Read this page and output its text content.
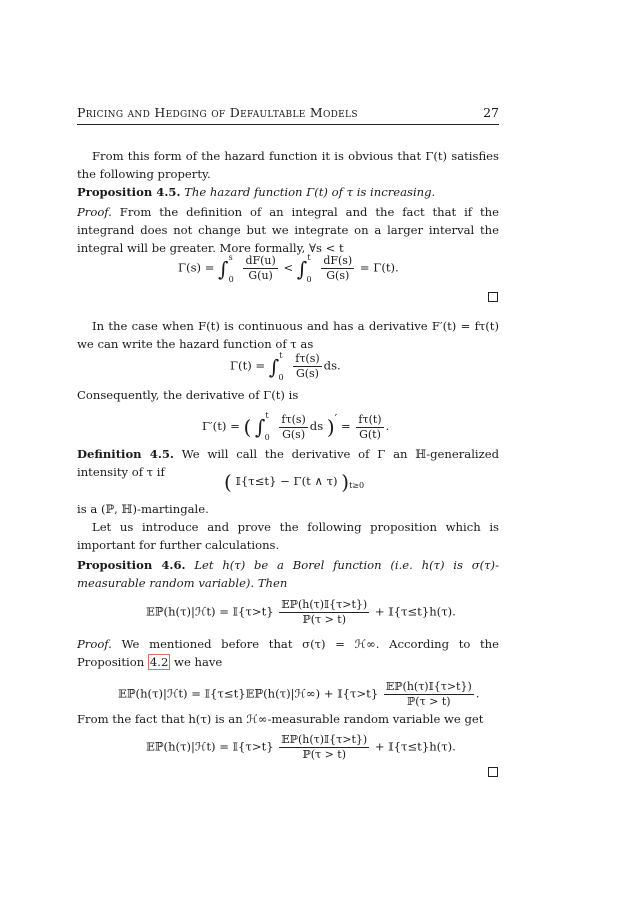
Pricing and Hedging of Defaultable Models	27
From this form of the hazard function it is obvious that Γ(t) satisfies the following property.
Proposition 4.5. The hazard function Γ(t) of τ is increasing.
Proof. From the definition of an integral and the fact that if the integrand does not change but we integrate on a larger interval the integral will be greater. More formally, ∀s < t
$\Gamma(s) = \int^s_0 \frac{dF(u)}{G(u)} < \int^t_0 \frac{dF(s)}{G(s)} = \Gamma(t)$.
In the case when F(t) is continuous and has a derivative F′(t) = fτ(t) we can write the hazard function of τ as
$\Gamma(t) = \int^t_0 \frac{f\tau(s)}{G(s)}$ ds.
Consequently, the derivative of Γ(t) is
Γ′(t) = ( $\int^t_0 \frac{f\tau(s)}{G(s)}$ ds )′ = $\frac{f\tau(t)}{G(t)}$ .
Definition 4.5. We will call the derivative of Γ an ℍ-generalized intensity of τ if	( 𝕀{τ≤t} − Γ(t ∧ τ) )$_{t\ge 0}$
is a (ℙ, ℍ)-martingale.
Let us introduce and prove the following proposition which is important for further calculations.
Proposition 4.6. Let h(τ) be a Borel function (i.e. h(τ) is σ(τ)-measurable random variable). Then
𝔼ℙ(h(τ)|ℋt) = 𝕀{τ>t} $\frac{\text{𝔼ℙ(h(τ)𝕀\{τ>t\})}}{\text{ℙ(τ > t)}}$ + 𝕀{τ≤t}h(τ).
Proof. We mentioned before that σ(τ) = ℋ∞. According to the Proposition 4.2 we have
𝔼ℙ(h(τ)|ℋt) = 𝕀{τ≤t}𝔼ℙ(h(τ)|ℋ∞) + 𝕀{τ>t} $\frac{\text{𝔼ℙ(h(τ)𝕀\{τ>t\})}}{\text{ℙ(τ > t)}}$ .
From the fact that h(τ) is an ℋ∞-measurable random variable we get
𝔼ℙ(h(τ)|ℋt) = 𝕀{τ>t} $\frac{\text{𝔼ℙ(h(τ)𝕀\{τ>t\})}}{\text{ℙ(τ > t)}}$ + 𝕀{τ≤t}h(τ).
